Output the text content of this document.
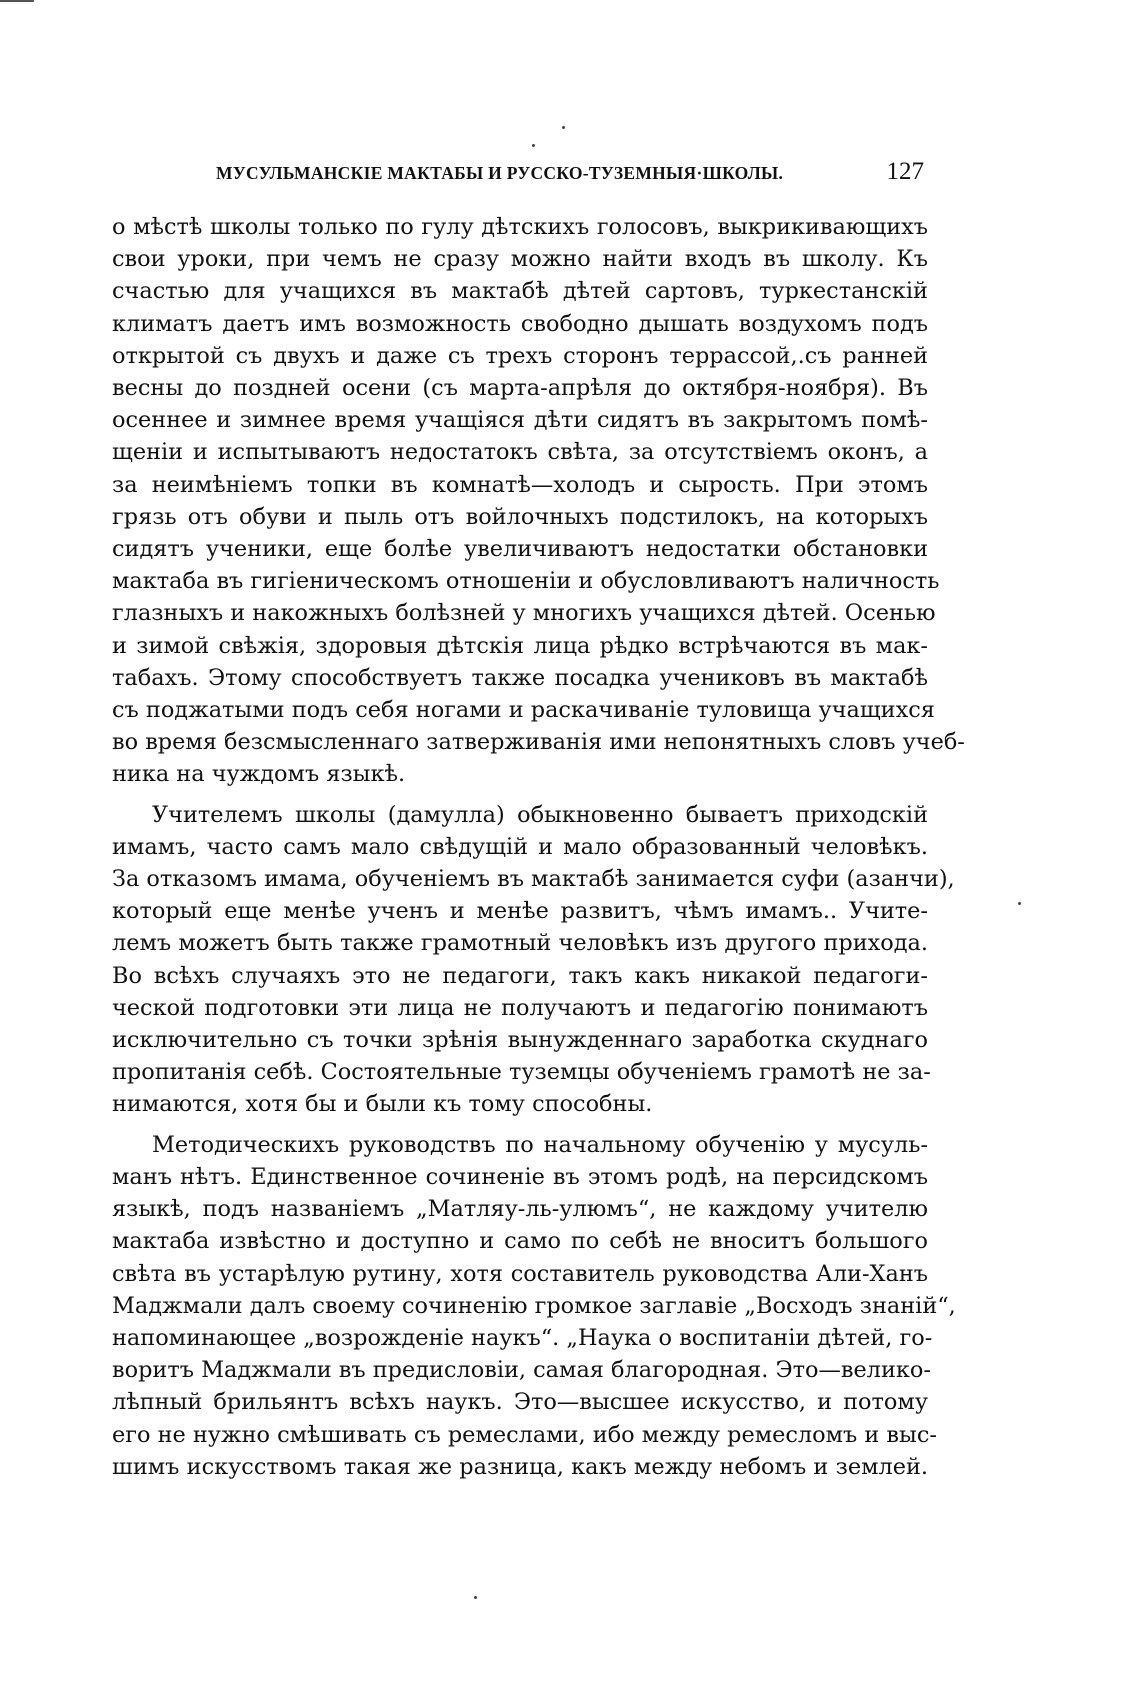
МУСУЛЬМАНСКІЕ МАКТАБЫ И РУССКО-ТУЗЕМНЫЯ·ШКОЛЫ.	127
о мѣстѣ школы только по гулу дѣтскихъ голосовъ, выкрикивающихъ
свои уроки, при чемъ не сразу можно найти входъ въ школу. Къ
счастью для учащихся въ мактабѣ дѣтей сартовъ, туркестанскій
климатъ даетъ имъ возможность свободно дышать воздухомъ подъ
открытой съ двухъ и даже съ трехъ сторонъ террассой,.съ ранней
весны до поздней осени (съ марта-апрѣля до октября-ноября). Въ
осеннее и зимнее время учащіяся дѣти сидятъ въ закрытомъ помѣ-
щеніи и испытываютъ недостатокъ свѣта, за отсутствіемъ оконъ, а
за неимѣніемъ топки въ комнатѣ—холодъ и сырость. При этомъ
грязь отъ обуви и пыль отъ войлочныхъ подстилокъ, на которыхъ
сидятъ ученики, еще болѣе увеличиваютъ недостатки обстановки
мактаба въ гигіеническомъ отношеніи и обусловливаютъ наличность
глазныхъ и накожныхъ болѣзней у многихъ учащихся дѣтей. Осенью
и зимой свѣжія, здоровыя дѣтскія лица рѣдко встрѣчаются въ мак-
табахъ. Этому способствуетъ также посадка учениковъ въ мактабѣ
съ поджатыми подъ себя ногами и раскачиваніе туловища учащихся
во время безсмысленнаго затверживанія ими непонятныхъ словъ учеб-
ника на чуждомъ языкѣ.
Учителемъ школы (дамулла) обыкновенно бываетъ приходскій
имамъ, часто самъ мало свѣдущій и мало образованный человѣкъ.
За отказомъ имама, обученіемъ въ мактабѣ занимается суфи (азанчи),
который еще менѣе ученъ и менѣе развитъ, чѣмъ имамъ.. Учите-
лемъ можетъ быть также грамотный человѣкъ изъ другого прихода.
Во всѣхъ случаяхъ это не педагоги, такъ какъ никакой педагоги-
ческой подготовки эти лица не получаютъ и педагогію понимаютъ
исключительно съ точки зрѣнія вынужденнаго заработка скуднаго
пропитанія себѣ. Состоятельные туземцы обученіемъ грамотѣ не за-
нимаются, хотя бы и были къ тому способны.
Методическихъ руководствъ по начальному обученію у мусуль-
манъ нѣтъ. Единственное сочиненіе въ этомъ родѣ, на персидскомъ
языкѣ, подъ названіемъ „Матляу-ль-улюмъ“, не каждому учителю
мактаба извѣстно и доступно и само по себѣ не вноситъ большого
свѣта въ устарѣлую рутину, хотя составитель руководства Али-Ханъ
Маджмали далъ своему сочиненію громкое заглавіе „Восходъ знаній“,
напоминающее „возрожденіе наукъ“. „Наука о воспитаніи дѣтей, го-
воритъ Маджмали въ предисловіи, самая благородная. Это—велико-
лѣпный брильянтъ всѣхъ наукъ. Это—высшее искусство, и потому
его не нужно смѣшивать съ ремеслами, ибо между ремесломъ и выс-
шимъ искусствомъ такая же разница, какъ между небомъ и землей.
